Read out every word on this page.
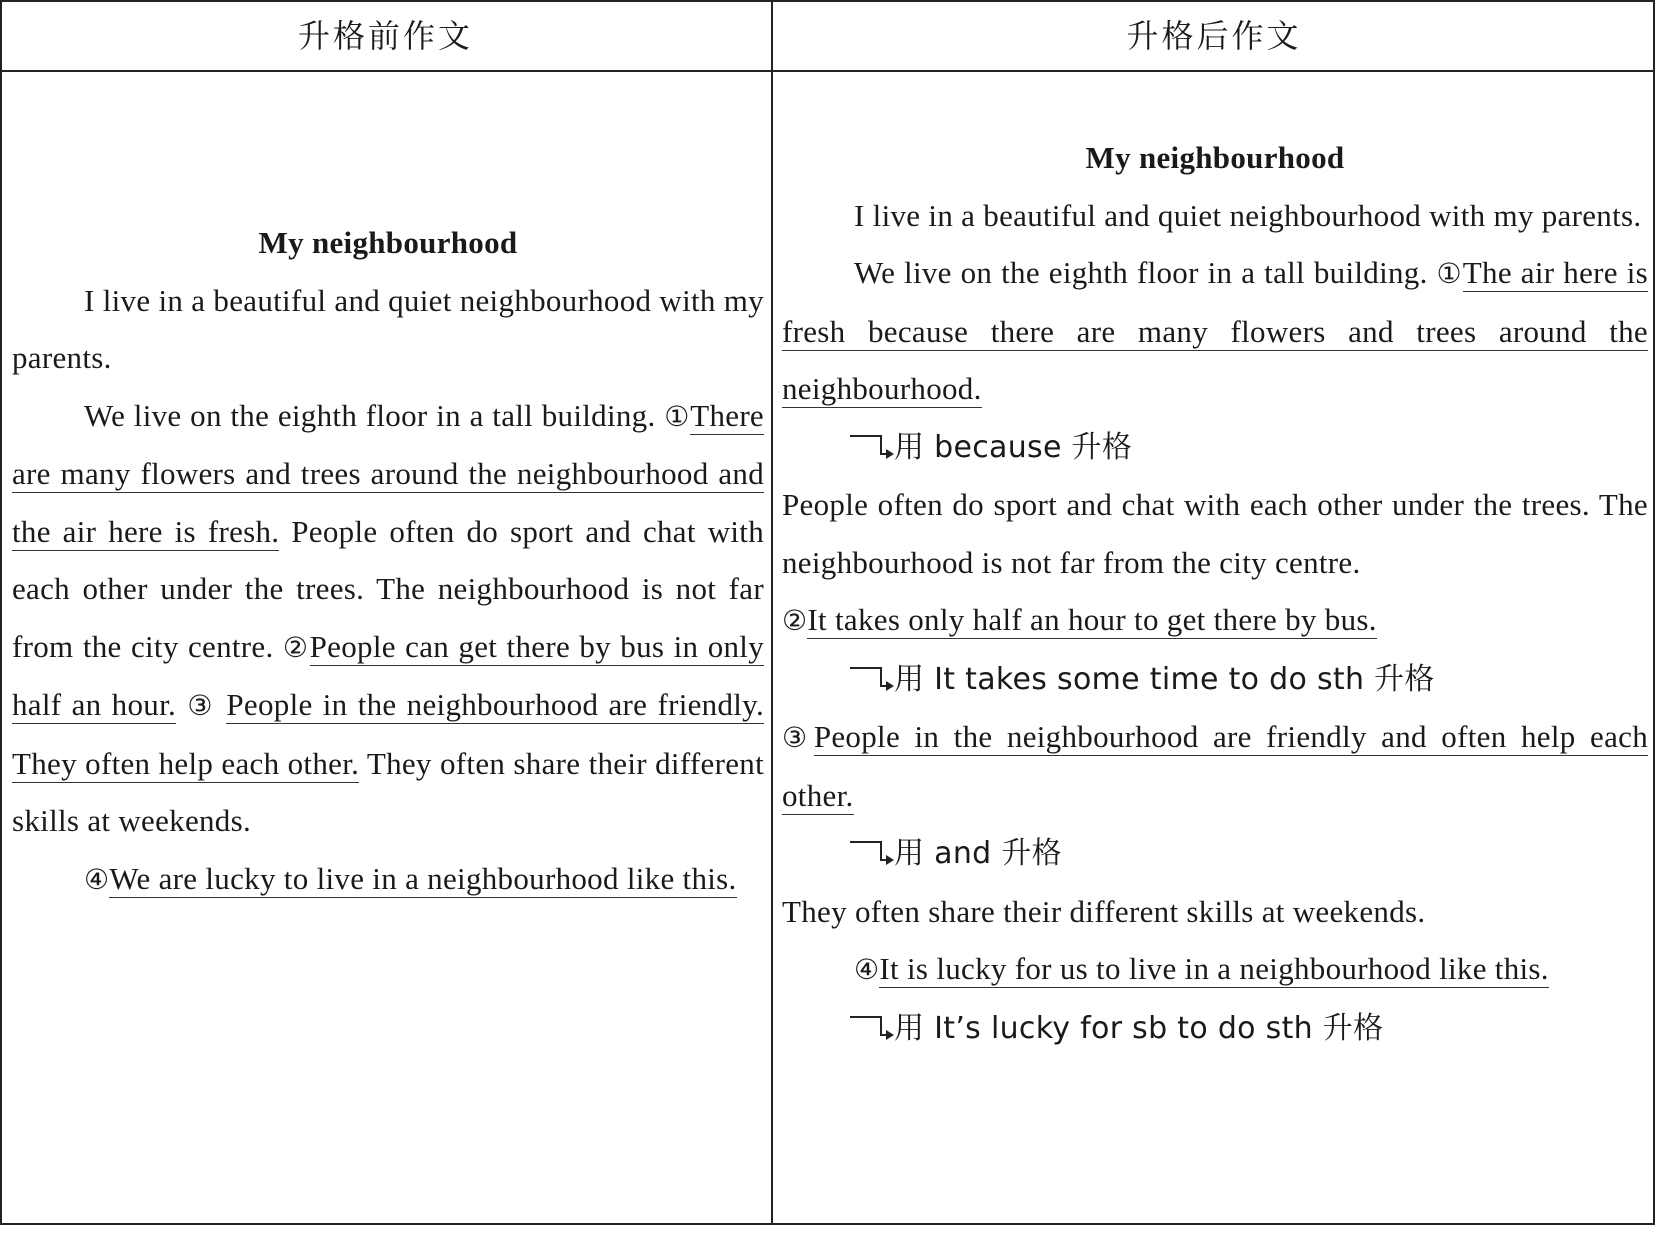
升格前作文	升格后作文
My neighbourhood

I live in a beautiful and quiet neighbourhood with my parents.

We live on the eighth floor in a tall building. ①There are many flowers and trees around the neighbourhood and the air here is fresh. People often do sport and chat with each other under the trees. The neighbourhood is not far from the city centre. ②People can get there by bus in only half an hour. ③ People in the neighbourhood are friendly. They often help each other. They often share their different skills at weekends.

④We are lucky to live in a neighbourhood like this.

My neighbourhood

I live in a beautiful and quiet neighbourhood with my parents.

We live on the eighth floor in a tall building. ①The air here is fresh because there are many flowers and trees around the neighbourhood.

用 because 升格

People often do sport and chat with each other under the trees. The neighbourhood is not far from the city centre.
②It takes only half an hour to get there by bus.

用 It takes some time to do sth 升格

③People in the neighbourhood are friendly and often help each other.

用 and 升格

They often share their different skills at weekends.

④It is lucky for us to live in a neighbourhood like this.

用 It’s lucky for sb to do sth 升格
